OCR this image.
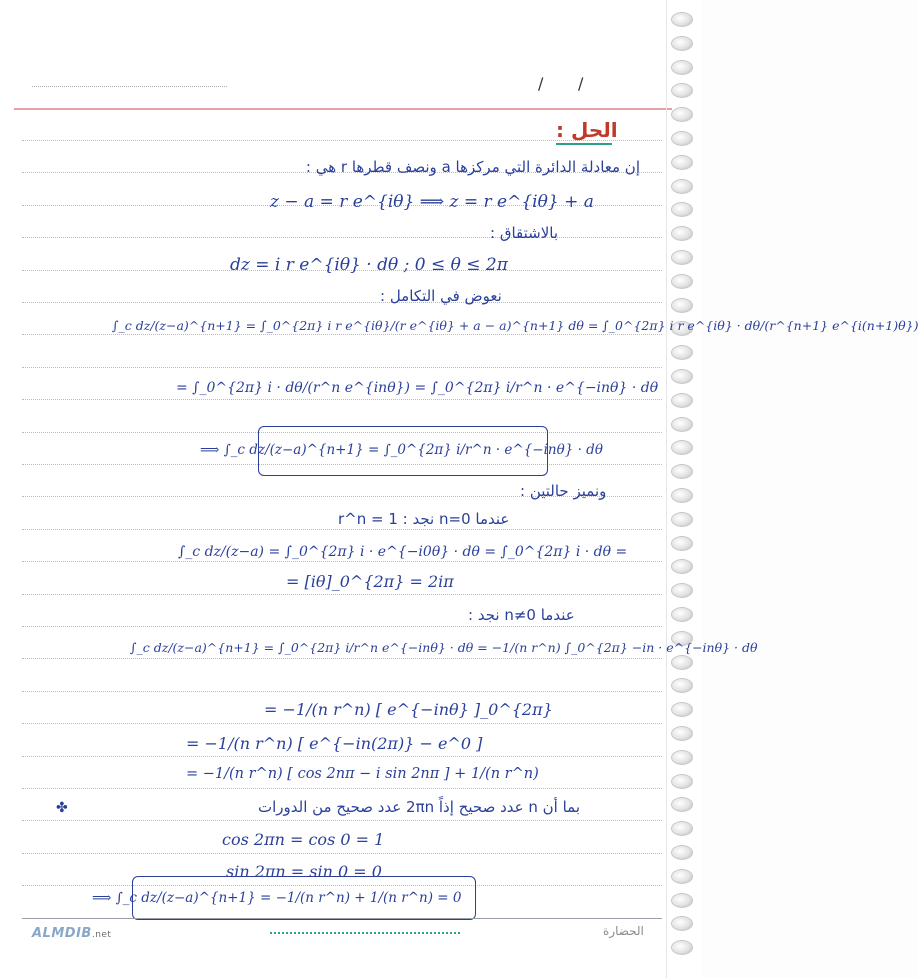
/ /
الحل :
إن معادلة الدائرة التي مركزها a ونصف قطرها r هي :
z − a = r e^{iθ} ⟹ z = r e^{iθ} + a
بالاشتقاق :
dz = i r e^{iθ} · dθ ; 0 ≤ θ ≤ 2π
نعوض في التكامل :
∫_c dz/(z−a)^{n+1} = ∫_0^{2π} i r e^{iθ}/(r e^{iθ} + a − a)^{n+1} dθ = ∫_0^{2π} i r e^{iθ} · dθ/(r^{n+1} e^{i(n+1)θ})
= ∫_0^{2π} i · dθ/(r^n e^{inθ}) = ∫_0^{2π} i/r^n · e^{−inθ} · dθ
⟹ ∫_c dz/(z−a)^{n+1} = ∫_0^{2π} i/r^n · e^{−inθ} · dθ
ونميز حالتين :
عندما n=0 نجد : 1 = r^n
∫_c dz/(z−a) = ∫_0^{2π} i · e^{−i0θ} · dθ = ∫_0^{2π} i · dθ =
= [iθ]_0^{2π} = 2iπ
عندما n≠0 نجد :
∫_c dz/(z−a)^{n+1} = ∫_0^{2π} i/r^n e^{−inθ} · dθ = −1/(n r^n) ∫_0^{2π} −in · e^{−inθ} · dθ
= −1/(n r^n) [ e^{−inθ} ]_0^{2π}
= −1/(n r^n) [ e^{−in(2π)} − e^0 ]
= −1/(n r^n) [ cos 2nπ − i sin 2nπ ] + 1/(n r^n)
✤	بما أن n عدد صحيح إذاً 2πn عدد صحيح من الدورات
cos 2πn = cos 0 = 1
sin 2πn = sin 0 = 0
⟹ ∫_c dz/(z−a)^{n+1} = −1/(n r^n) + 1/(n r^n) = 0
ALMDIB.net	الحضارة
